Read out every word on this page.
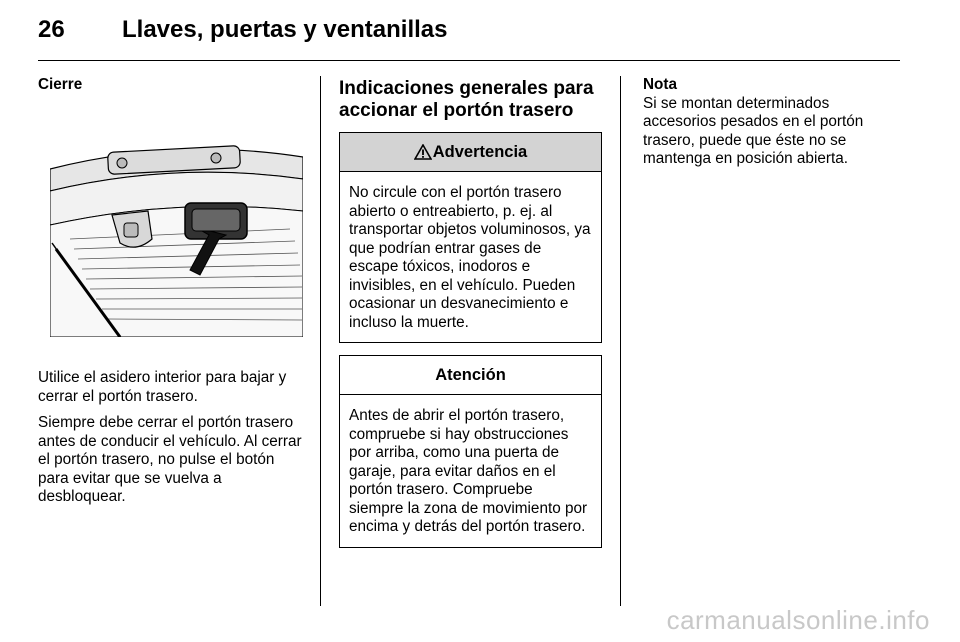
26 Llaves, puertas y ventanillas
Cierre

Utilice el asidero interior para bajar y cerrar el portón trasero.

Siempre debe cerrar el portón trasero antes de conducir el vehículo. Al cerrar el portón trasero, no pulse el botón para evitar que se vuelva a desbloquear.

Indicaciones generales para accionar el portón trasero
Advertencia
No circule con el portón trasero abierto o entreabierto, p. ej. al transportar objetos voluminosos, ya que podrían entrar gases de escape tóxicos, inodoros e invisibles, en el vehículo. Pueden ocasionar un desvanecimiento e incluso la muerte.
Atención
Antes de abrir el portón trasero, compruebe si hay obstrucciones por arriba, como una puerta de garaje, para evitar daños en el portón trasero. Compruebe siempre la zona de movimiento por encima y detrás del portón trasero.
Nota
Si se montan determinados accesorios pesados en el portón trasero, puede que éste no se mantenga en posición abierta.
carmanualsonline.info
